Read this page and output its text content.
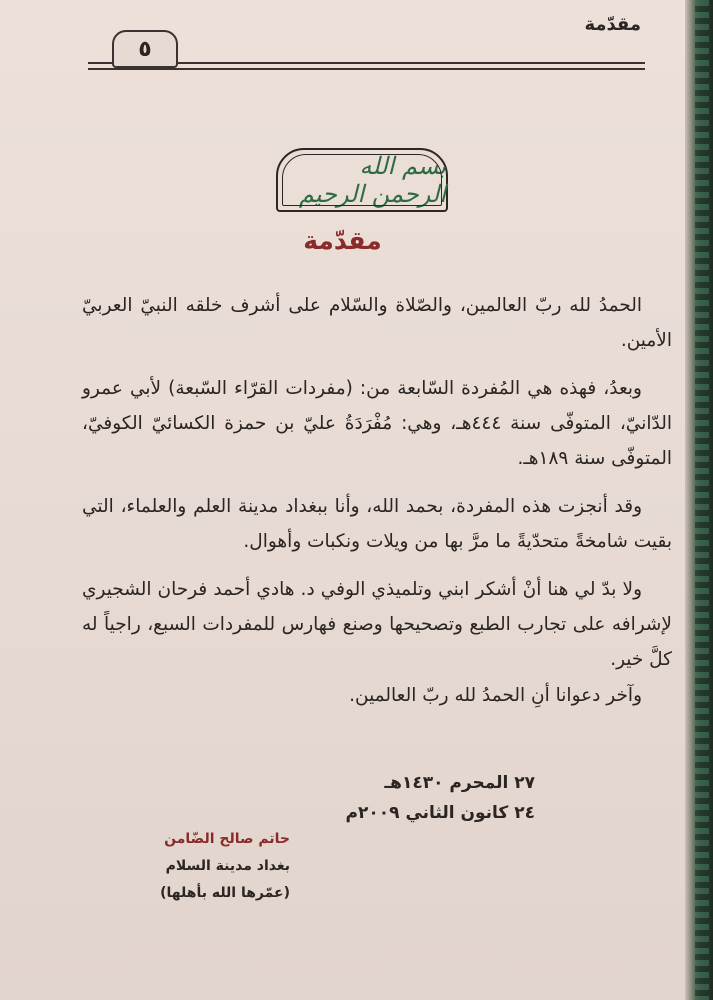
مقدّمة
٥
بسم الله الرحمن الرحيم
مقدّمة

الحمدُ لله ربّ العالمين، والصّلاة والسّلام على أشرف خلقه النبيّ العربيّ الأمين.

وبعدُ، فهذه هي المُفردة السّابعة من: (مفردات القرّاء السّبعة) لأبي عمرو الدّانيّ، المتوفّى سنة ٤٤٤هـ، وهي: مُفْرَدَةُ عليّ بن حمزة الكسائيّ الكوفيّ، المتوفّى سنة ١٨٩هـ.

وقد أنجزت هذه المفردة، بحمد الله، وأنا ببغداد مدينة العلم والعلماء، التي بقيت شامخةً متحدّيةً ما مرَّ بها من ويلات ونكبات وأهوال.

ولا بدّ لي هنا أنْ أشكر ابني وتلميذي الوفي د. هادي أحمد فرحان الشجيري لإشرافه على تجارب الطبع وتصحيحها وصنع فهارس للمفردات السبع، راجياً له كلَّ خير.

وآخر دعوانا أنِ الحمدُ لله ربّ العالمين.

٢٧ المحرم ١٤٣٠هـ
٢٤ كانون الثاني ٢٠٠٩م
حاتم صالح الضّامن
بغداد مدينة السلام
(عمّرها الله بأهلها)
